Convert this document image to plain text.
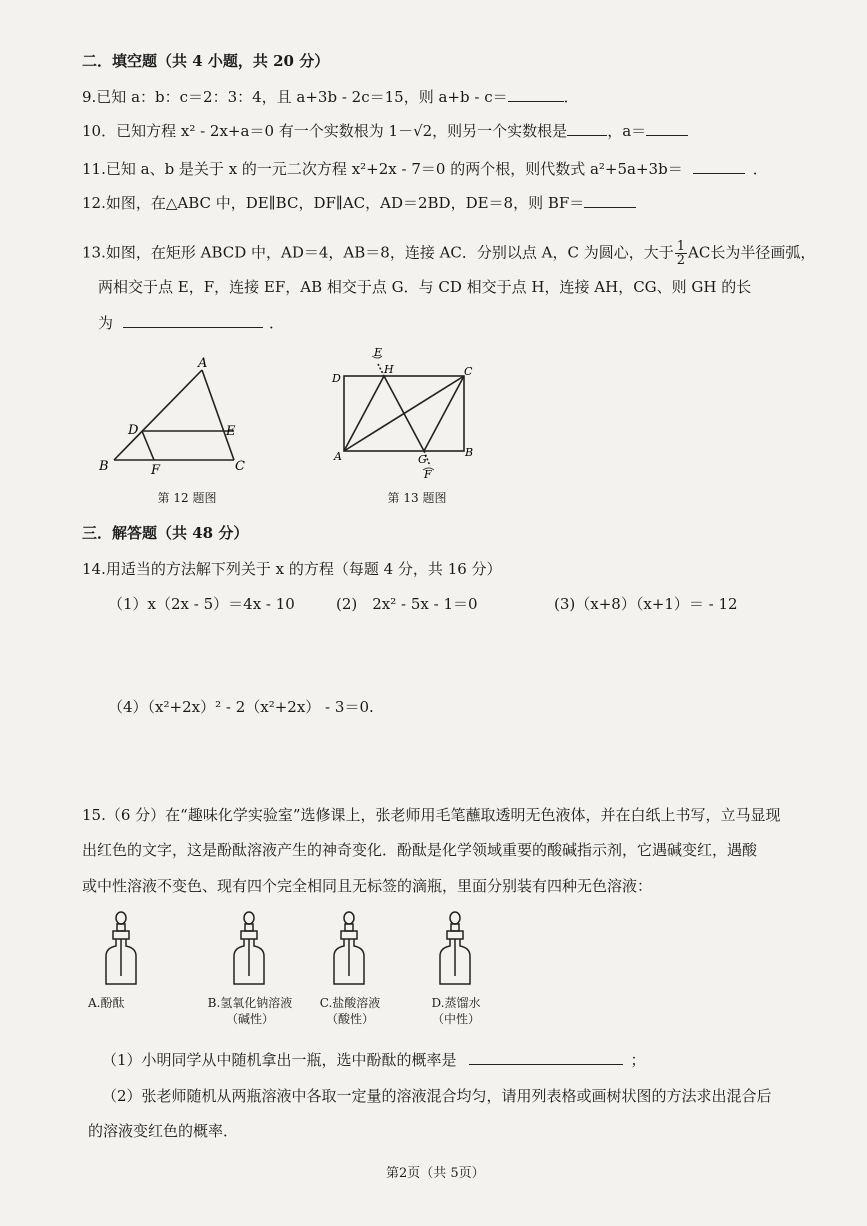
二．填空题（共 4 小题，共 20 分）
9.已知 a：b：c＝2：3：4，且 a+3b - 2c＝15，则 a+b - c＝	．
10．已知方程 x² - 2x+a＝0 有一个实数根为 1－√2，则另一个实数根是	，a＝
11.已知 a、b 是关于 x 的一元二次方程 x²+2x - 7＝0 的两个根，则代数式 a²+5a+3b＝	．
12.如图，在△ABC 中，DE∥BC，DF∥AC，AD＝2BD，DE＝8，则 BF＝
13.如图，在矩形 ABCD 中，AD＝4，AB＝8，连接 AC．分别以点 A，C 为圆心，大于 $\frac{1}{2}$ AC长为半径画弧，
两相交于点 E，F，连接 EF，AB 相交于点 G．与 CD 相交于点 H，连接 AH，CG、则 GH 的长
为	．
A
B	C
D	E
F
第 12 题图
E
H
D
C
A	B
G
F
第 13 题图
三．解答题（共 48 分）
14.用适当的方法解下列关于 x 的方程（每题 4 分，共 16 分）
（1）x（2x - 5）＝4x - 10	(2)　2x² - 5x - 1＝0	(3)（x+8）（x+1）＝ - 12
（4）（x²+2x）² - 2（x²+2x） - 3＝0.
15.（6 分）在“趣味化学实验室”选修课上，张老师用毛笔蘸取透明无色液体，并在白纸上书写，立马显现
出红色的文字，这是酚酞溶液产生的神奇变化．酚酞是化学领域重要的酸碱指示剂，它遇碱变红，遇酸
或中性溶液不变色、现有四个完全相同且无标签的滴瓶，里面分别装有四种无色溶液：
A.酚酞	B.氢氧化钠溶液
（碱性）
C.盐酸溶液
（酸性）
D.蒸馏水
（中性）
（1）小明同学从中随机拿出一瓶，选中酚酞的概率是	；
（2）张老师随机从两瓶溶液中各取一定量的溶液混合均匀，请用列表格或画树状图的方法求出混合后
的溶液变红色的概率．
第2页（共 5页）
